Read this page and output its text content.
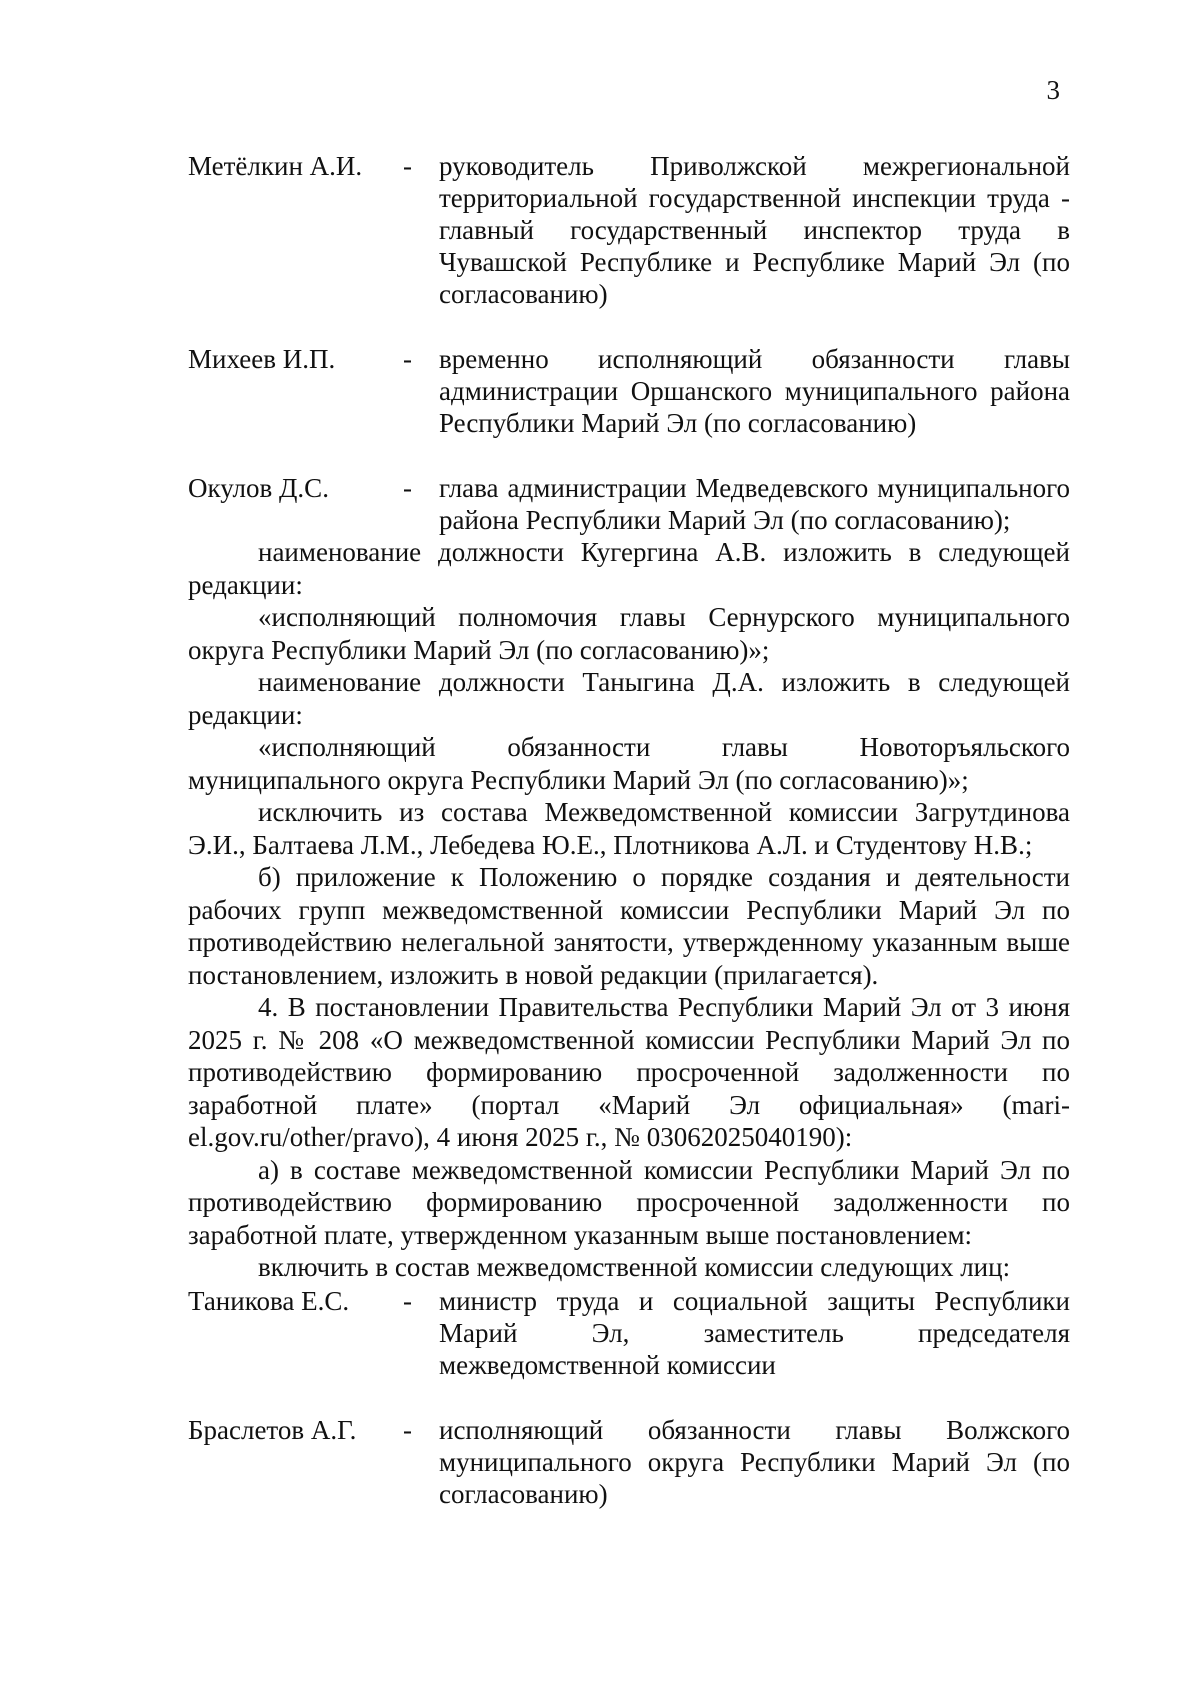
3
Метёлкин А.И.	-	руководитель Приволжской межрегиональной территориальной государственной инспекции труда - главный государственный инспектор труда в Чувашской Республике и Республике Марий Эл (по согласованию)
Михеев И.П.	-	временно исполняющий обязанности главы администрации Оршанского муниципального района Республики Марий Эл (по согласованию)
Окулов Д.С.	-	глава администрации Медведевского муниципального района Республики Марий Эл (по согласованию);

наименование должности Кугергина А.В. изложить в следующей редакции:

«исполняющий полномочия главы Сернурского муниципального округа Республики Марий Эл (по согласованию)»;

наименование должности Таныгина Д.А. изложить в следующей редакции:

«исполняющий обязанности главы Новоторъяльского муниципального округа Республики Марий Эл (по согласованию)»;

исключить из состава Межведомственной комиссии Загрутдинова Э.И., Балтаева Л.М., Лебедева Ю.Е., Плотникова А.Л. и Студентову Н.В.;

б) приложение к Положению о порядке создания и деятельности рабочих групп межведомственной комиссии Республики Марий Эл по противодействию нелегальной занятости, утвержденному указанным выше постановлением, изложить в новой редакции (прилагается).

4. В постановлении Правительства Республики Марий Эл от 3 июня 2025 г. № 208 «О межведомственной комиссии Республики Марий Эл по противодействию формированию просроченной задолженности по заработной плате» (портал «Марий Эл официальная» (mari-el.gov.ru/other/pravo), 4 июня 2025 г., № 03062025040190):

а) в составе межведомственной комиссии Республики Марий Эл по противодействию формированию просроченной задолженности по заработной плате, утвержденном указанным выше постановлением:

включить в состав межведомственной комиссии следующих лиц:

Таникова Е.С.	-	министр труда и социальной защиты Республики Марий Эл, заместитель председателя межведомственной комиссии
Браслетов А.Г.	-	исполняющий обязанности главы Волжского муниципального округа Республики Марий Эл (по согласованию)
